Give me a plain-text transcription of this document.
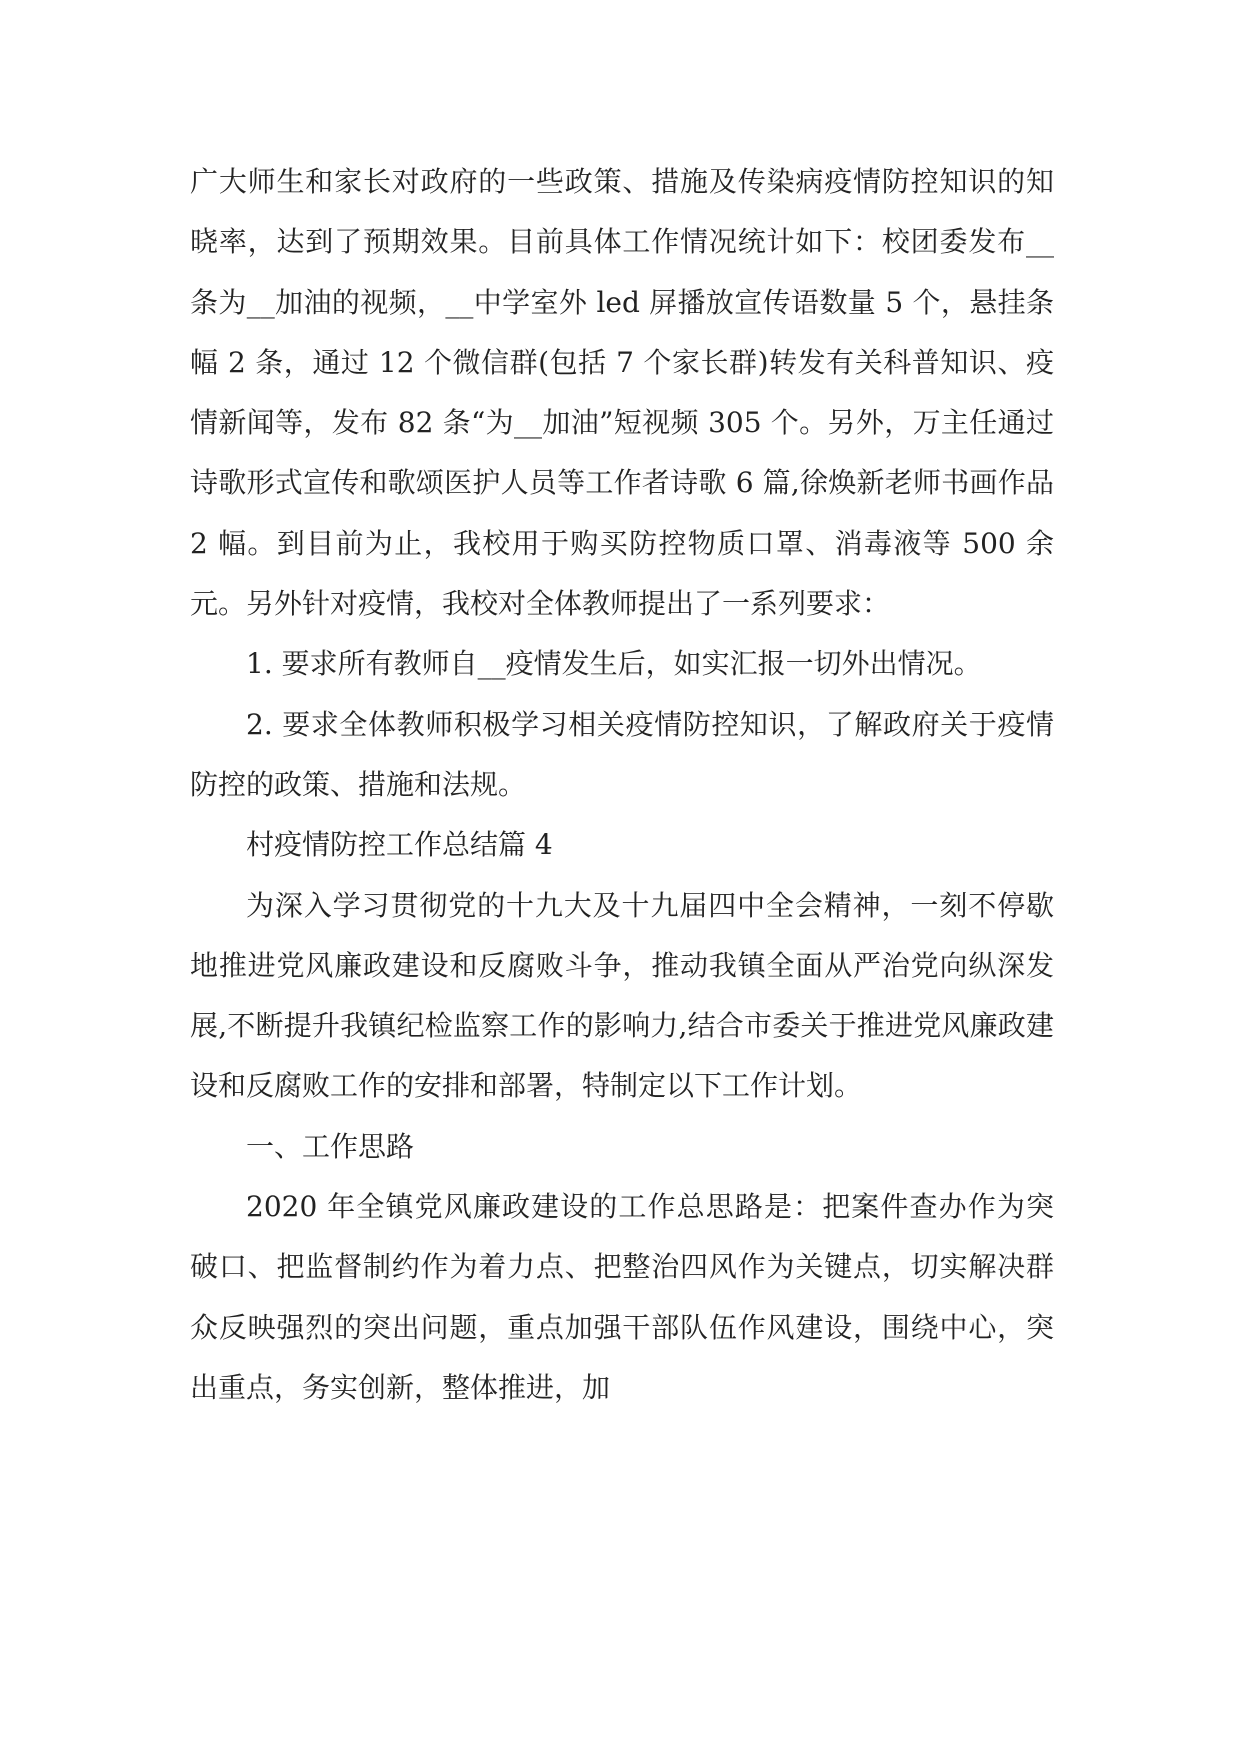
广大师生和家长对政府的一些政策、措施及传染病疫情防控知识的知晓率，达到了预期效果。目前具体工作情况统计如下：校团委发布__条为__加油的视频，__中学室外 led 屏播放宣传语数量 5 个，悬挂条幅 2 条，通过 12 个微信群(包括 7 个家长群)转发有关科普知识、疫情新闻等，发布 82 条“为__加油”短视频 305 个。另外，万主任通过诗歌形式宣传和歌颂医护人员等工作者诗歌 6 篇,徐焕新老师书画作品 2 幅。到目前为止，我校用于购买防控物质口罩、消毒液等 500 余元。另外针对疫情，我校对全体教师提出了一系列要求：

1. 要求所有教师自__疫情发生后，如实汇报一切外出情况。

2. 要求全体教师积极学习相关疫情防控知识，了解政府关于疫情防控的政策、措施和法规。

村疫情防控工作总结篇 4

为深入学习贯彻党的十九大及十九届四中全会精神，一刻不停歇地推进党风廉政建设和反腐败斗争，推动我镇全面从严治党向纵深发展,不断提升我镇纪检监察工作的影响力,结合市委关于推进党风廉政建设和反腐败工作的安排和部署，特制定以下工作计划。

一、工作思路

2020 年全镇党风廉政建设的工作总思路是：把案件查办作为突破口、把监督制约作为着力点、把整治四风作为关键点，切实解决群众反映强烈的突出问题，重点加强干部队伍作风建设，围绕中心，突出重点，务实创新，整体推进，加
